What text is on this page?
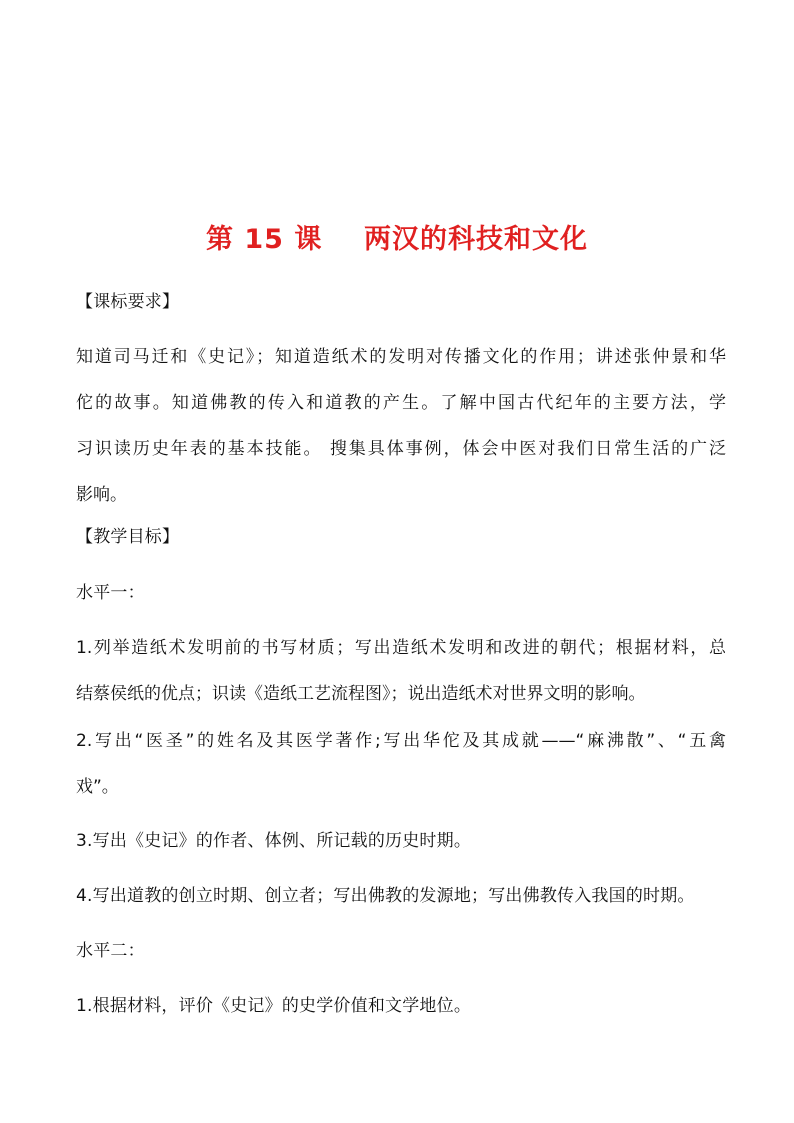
第 15 课    两汉的科技和文化
【课标要求】
知道司马迁和《史记》；知道造纸术的发明对传播文化的作用；讲述张仲景和华
佗的故事。知道佛教的传入和道教的产生。了解中国古代纪年的主要方法，学
习识读历史年表的基本技能。 搜集具体事例，体会中医对我们日常生活的广泛
影响。
【教学目标】
水平一：
1.列举造纸术发明前的书写材质；写出造纸术发明和改进的朝代；根据材料，总
结蔡侯纸的优点；识读《造纸工艺流程图》；说出造纸术对世界文明的影响。
2.写出“医圣”的姓名及其医学著作;写出华佗及其成就——“麻沸散”、“五禽
戏”。
3.写出《史记》的作者、体例、所记载的历史时期。
4.写出道教的创立时期、创立者；写出佛教的发源地；写出佛教传入我国的时期。
水平二：
1.根据材料，评价《史记》的史学价值和文学地位。
